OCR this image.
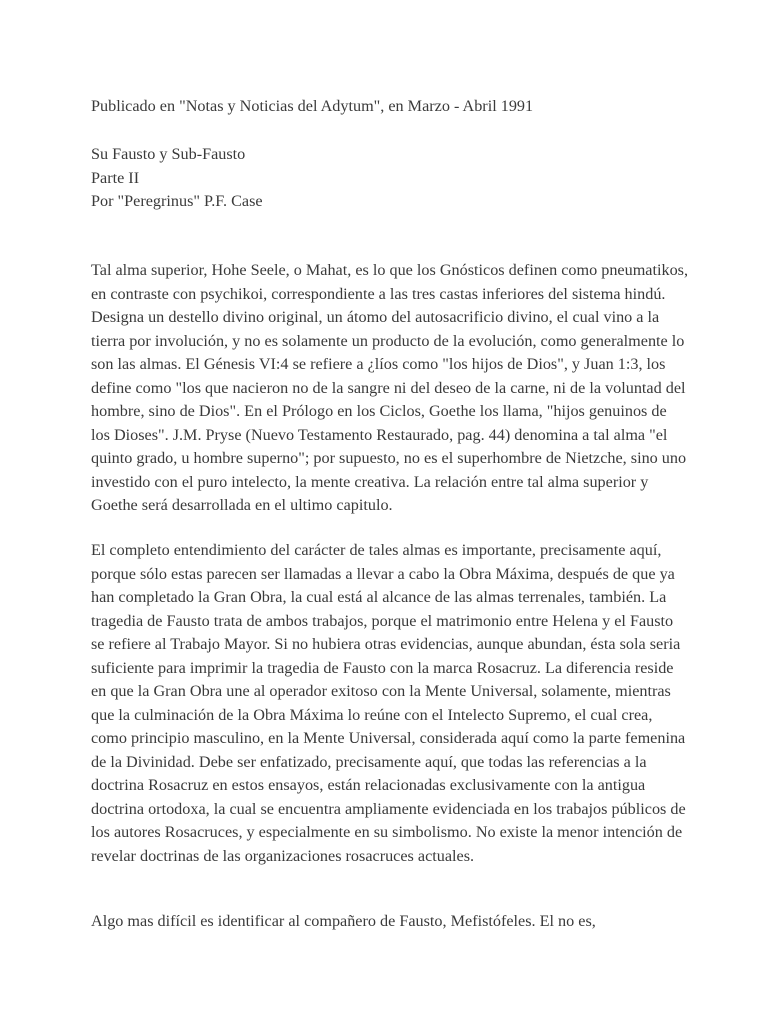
Publicado en "Notas y Noticias del Adytum", en Marzo - Abril 1991
Su Fausto y Sub-Fausto
Parte II
Por "Peregrinus" P.F. Case

Tal alma superior, Hohe Seele, o Mahat, es lo que los Gnósticos definen como pneumatikos, en contraste con psychikoi, correspondiente a las tres castas inferiores del sistema hindú. Designa un destello divino original, un átomo del autosacrificio divino, el cual vino a la tierra por involución, y no es solamente un producto de la evolución, como generalmente lo son las almas. El Génesis VI:4 se refiere a ¿líos como "los hijos de Dios", y Juan 1:3, los define como "los que nacieron no de la sangre ni del deseo de la carne, ni de la voluntad del hombre, sino de Dios". En el Prólogo en los Ciclos, Goethe los llama, "hijos genuinos de los Dioses". J.M. Pryse (Nuevo Testamento Restaurado, pag. 44) denomina a tal alma "el quinto grado, u hombre superno"; por supuesto, no es el superhombre de Nietzche, sino uno investido con el puro intelecto, la mente creativa. La relación entre tal alma superior y Goethe será desarrollada en el ultimo capitulo.

El completo entendimiento del carácter de tales almas es importante, precisamente aquí, porque sólo estas parecen ser llamadas a llevar a cabo la Obra Máxima, después de que ya han completado la Gran Obra, la cual está al alcance de las almas terrenales, también. La tragedia de Fausto trata de ambos trabajos, porque el matrimonio entre Helena y el Fausto se refiere al Trabajo Mayor. Si no hubiera otras evidencias, aunque abundan, ésta sola seria suficiente para imprimir la tragedia de Fausto con la marca Rosacruz. La diferencia reside en que la Gran Obra une al operador exitoso con la Mente Universal, solamente, mientras que la culminación de la Obra Máxima lo reúne con el Intelecto Supremo, el cual crea, como principio masculino, en la Mente Universal, considerada aquí como la parte femenina de la Divinidad. Debe ser enfatizado, precisamente aquí, que todas las referencias a la doctrina Rosacruz en estos ensayos, están relacionadas exclusivamente con la antigua doctrina ortodoxa, la cual se encuentra ampliamente evidenciada en los trabajos públicos de los autores Rosacruces, y especialmente en su simbolismo. No existe la menor intención de revelar doctrinas de las organizaciones rosacruces actuales.

Algo mas difícil es identificar al compañero de Fausto, Mefistófeles. El no es,
